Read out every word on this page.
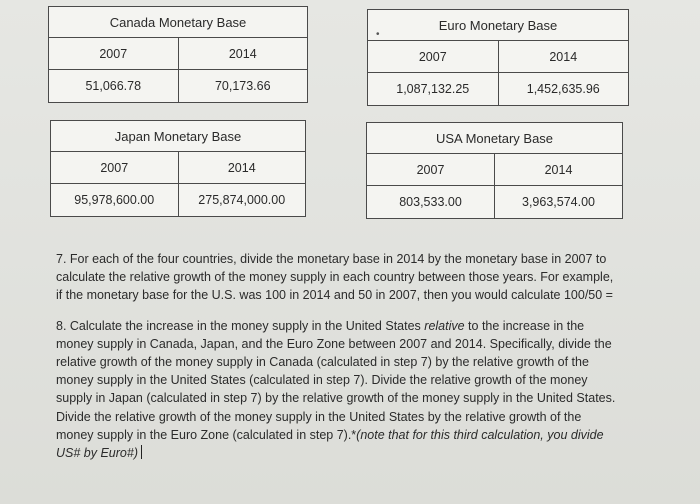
Canada Monetary Base	
2007	2014
51,066.78	70,173.66
Euro Monetary Base	
2007	2014
1,087,132.25	1,452,635.96
•
Japan Monetary Base	
2007	2014
95,978,600.00	275,874,000.00
USA Monetary Base	
2007	2014
803,533.00	3,963,574.00

7. For each of the four countries, divide the monetary base in 2014 by the monetary base in 2007 to
calculate the relative growth of the money supply in each country between those years. For example,
if the monetary base for the U.S. was 100 in 2014 and 50 in 2007, then you would calculate 100/50 =

8. Calculate the increase in the money supply in the United States relative to the increase in the
money supply in Canada, Japan, and the Euro Zone between 2007 and 2014. Specifically, divide the
relative growth of the money supply in Canada (calculated in step 7) by the relative growth of the
money supply in the United States (calculated in step 7). Divide the relative growth of the money
supply in Japan (calculated in step 7) by the relative growth of the money supply in the United States.
Divide the relative growth of the money supply in the United States by the relative growth of the
money supply in the Euro Zone (calculated in step 7).*(note that for this third calculation, you divide
US# by Euro#)
